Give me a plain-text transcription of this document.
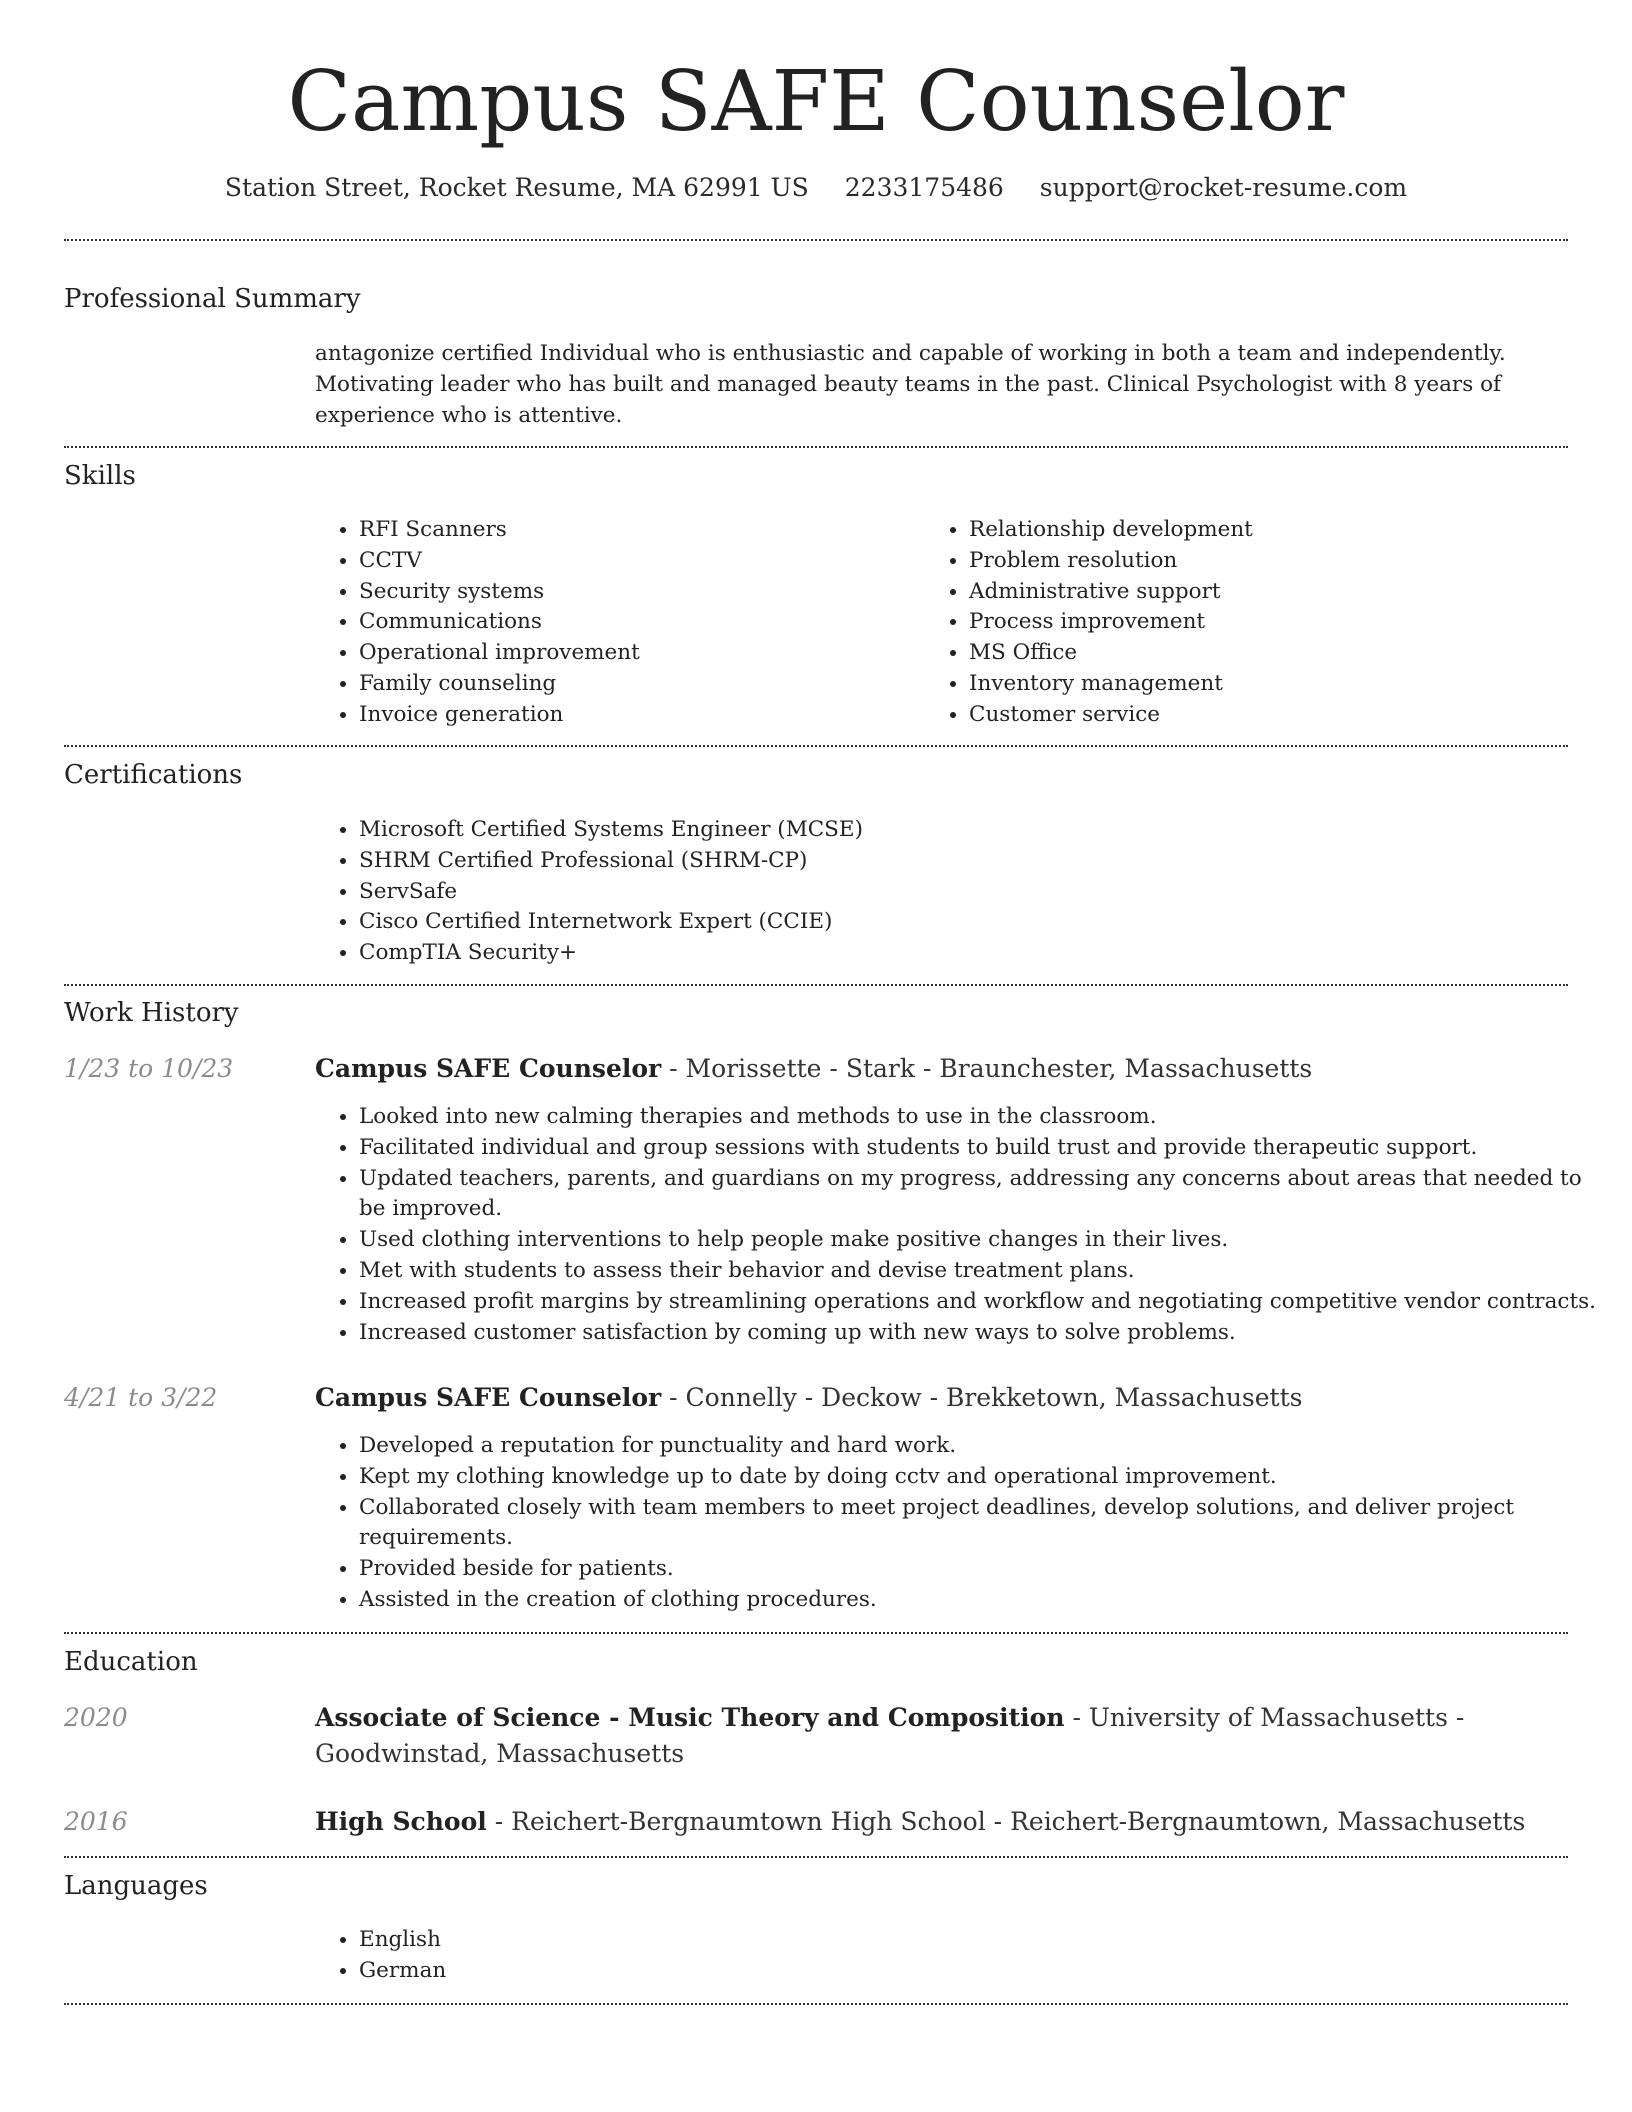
Campus SAFE Counselor
Station Street, Rocket Resume, MA 62991 US 2233175486 support@rocket-resume.com
Professional Summary

antagonize certified Individual who is enthusiastic and capable of working in both a team and independently. Motivating leader who has built and managed beauty teams in the past. Clinical Psychologist with 8 years of experience who is attentive.

Skills
• RFI Scanners
• CCTV
• Security systems
• Communications
• Operational improvement
• Family counseling
• Invoice generation
• Relationship development
• Problem resolution
• Administrative support
• Process improvement
• MS Office
• Inventory management
• Customer service
Certifications
• Microsoft Certified Systems Engineer (MCSE)
• SHRM Certified Professional (SHRM-CP)
• ServSafe
• Cisco Certified Internetwork Expert (CCIE)
• CompTIA Security+
Work History
1/23 to 10/23	Campus SAFE Counselor - Morissette - Stark - Braunchester, Massachusetts
• Looked into new calming therapies and methods to use in the classroom.
• Facilitated individual and group sessions with students to build trust and provide therapeutic support.
• Updated teachers, parents, and guardians on my progress, addressing any concerns about areas that needed to be improved.
• Used clothing interventions to help people make positive changes in their lives.
• Met with students to assess their behavior and devise treatment plans.
• Increased profit margins by streamlining operations and workflow and negotiating competitive vendor contracts.
• Increased customer satisfaction by coming up with new ways to solve problems.
4/21 to 3/22	Campus SAFE Counselor - Connelly - Deckow - Brekketown, Massachusetts
• Developed a reputation for punctuality and hard work.
• Kept my clothing knowledge up to date by doing cctv and operational improvement.
• Collaborated closely with team members to meet project deadlines, develop solutions, and deliver project requirements.
• Provided beside for patients.
• Assisted in the creation of clothing procedures.
Education
2020	Associate of Science - Music Theory and Composition - University of Massachusetts - Goodwinstad, Massachusetts
2016	High School - Reichert-Bergnaumtown High School - Reichert-Bergnaumtown, Massachusetts
Languages
• English
• German
